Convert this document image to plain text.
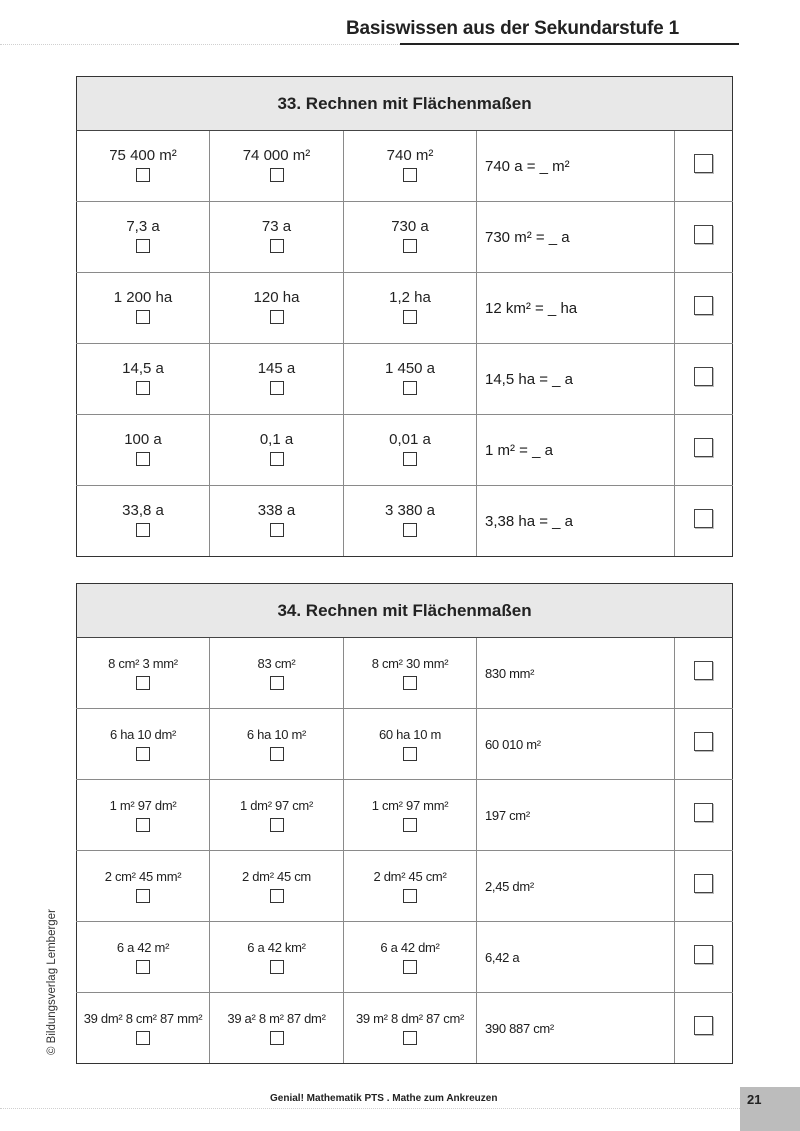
Basiswissen aus der Sekundarstufe 1
33. Rechnen mit Flächenmaßen				

75 400 m²	74 000 m²	740 m²	740 a = _ m²	

7,3 a	73 a	730 a	730 m² = _ a	

1 200 ha	120 ha	1,2 ha	12 km² = _ ha	

14,5 a	145 a	1 450 a	14,5 ha = _ a	

100 a	0,1 a	0,01 a	1 m² = _ a	

33,8 a	338 a	3 380 a	3,38 ha = _ a	
34. Rechnen mit Flächenmaßen				

8 cm² 3 mm²	83 cm²	8 cm² 30 mm²	830 mm²	

6 ha 10 dm²	6 ha 10 m²	60 ha 10 m	60 010 m²	

1 m² 97 dm²	1 dm² 97 cm²	1 cm² 97 mm²	197 cm²	

2 cm² 45 mm²	2 dm² 45 cm	2 dm² 45 cm²	2,45 dm²	

6 a 42 m²	6 a 42 km²	6 a 42 dm²	6,42 a	

39 dm² 8 cm² 87 mm²	39 a² 8 m² 87 dm²	39 m² 8 dm² 87 cm²	390 887 cm²	
© Bildungsverlag Lemberger
Genial! Mathematik PTS . Mathe zum Ankreuzen	21
